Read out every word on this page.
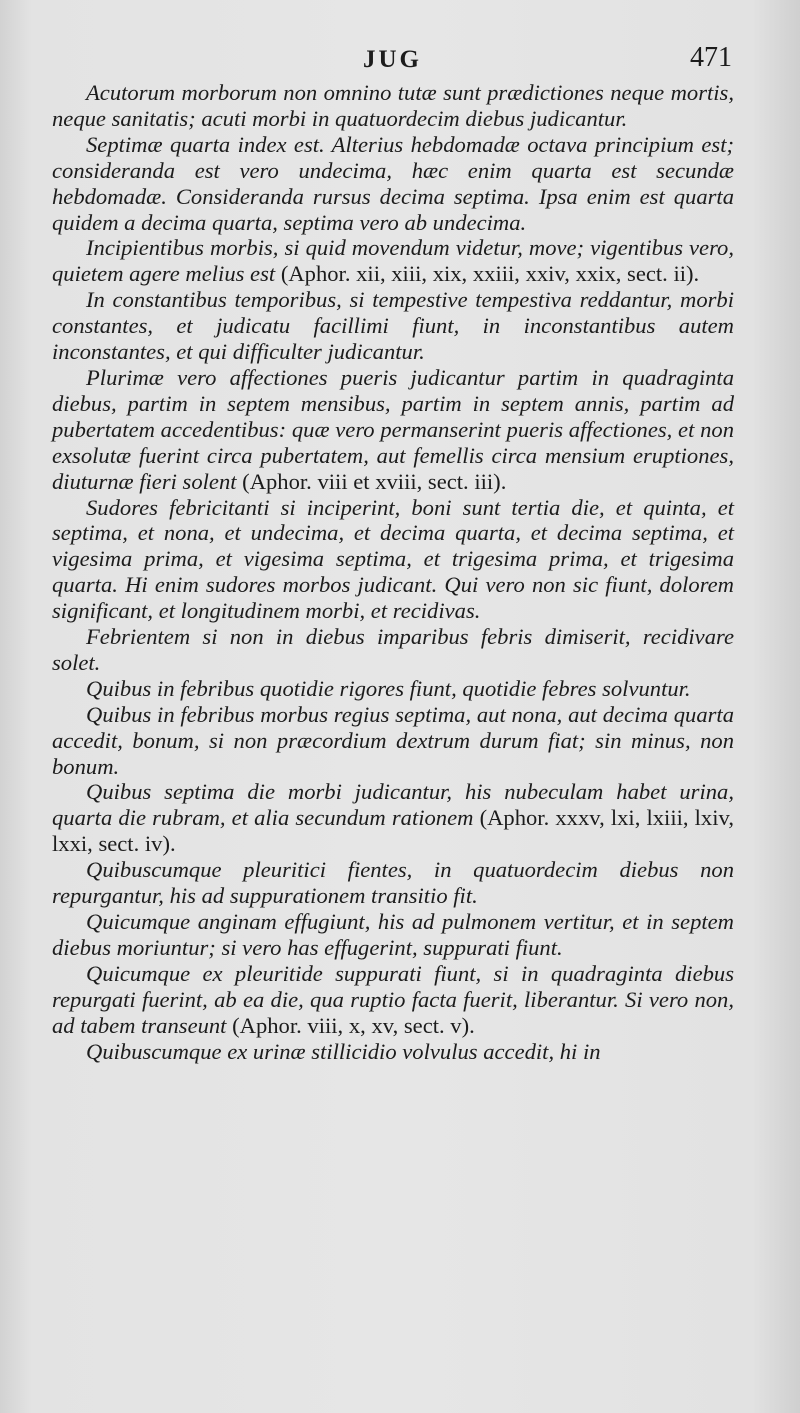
JUG	471

Acutorum morborum non omnino tutæ sunt prædictiones neque mortis, neque sanitatis; acuti morbi in quatuordecim diebus judicantur.

Septimæ quarta index est. Alterius hebdomadæ octava principium est; consideranda est vero undecima, hæc enim quarta est secundæ hebdomadæ. Consideranda rursus decima septima. Ipsa enim est quarta quidem a decima quarta, septima vero ab undecima.

Incipientibus morbis, si quid movendum videtur, move; vigentibus vero, quietem agere melius est (Aphor. xii, xiii, xix, xxiii, xxiv, xxix, sect. ii).

In constantibus temporibus, si tempestive tempestiva reddantur, morbi constantes, et judicatu facillimi fiunt, in inconstantibus autem inconstantes, et qui difficulter judicantur.

Plurimæ vero affectiones pueris judicantur partim in quadraginta diebus, partim in septem mensibus, partim in septem annis, partim ad pubertatem accedentibus: quæ vero permanserint pueris affectiones, et non exsolutæ fuerint circa pubertatem, aut femellis circa mensium eruptiones, diuturnæ fieri solent (Aphor. viii et xviii, sect. iii).

Sudores febricitanti si inciperint, boni sunt tertia die, et quinta, et septima, et nona, et undecima, et decima quarta, et decima septima, et vigesima prima, et vigesima septima, et trigesima prima, et trigesima quarta. Hi enim sudores morbos judicant. Qui vero non sic fiunt, dolorem significant, et longitudinem morbi, et recidivas.

Febrientem si non in diebus imparibus febris dimiserit, recidivare solet.

Quibus in febribus quotidie rigores fiunt, quotidie febres solvuntur.

Quibus in febribus morbus regius septima, aut nona, aut decima quarta accedit, bonum, si non præcordium dextrum durum fiat; sin minus, non bonum.

Quibus septima die morbi judicantur, his nubeculam habet urina, quarta die rubram, et alia secundum rationem (Aphor. xxxv, lxi, lxiii, lxiv, lxxi, sect. iv).

Quibuscumque pleuritici fientes, in quatuordecim diebus non repurgantur, his ad suppurationem transitio fit.

Quicumque anginam effugiunt, his ad pulmonem vertitur, et in septem diebus moriuntur; si vero has effugerint, suppurati fiunt.

Quicumque ex pleuritide suppurati fiunt, si in quadraginta diebus repurgati fuerint, ab ea die, qua ruptio facta fuerit, liberantur. Si vero non, ad tabem transeunt (Aphor. viii, x, xv, sect. v).

Quibuscumque ex urinæ stillicidio volvulus accedit, hi in
